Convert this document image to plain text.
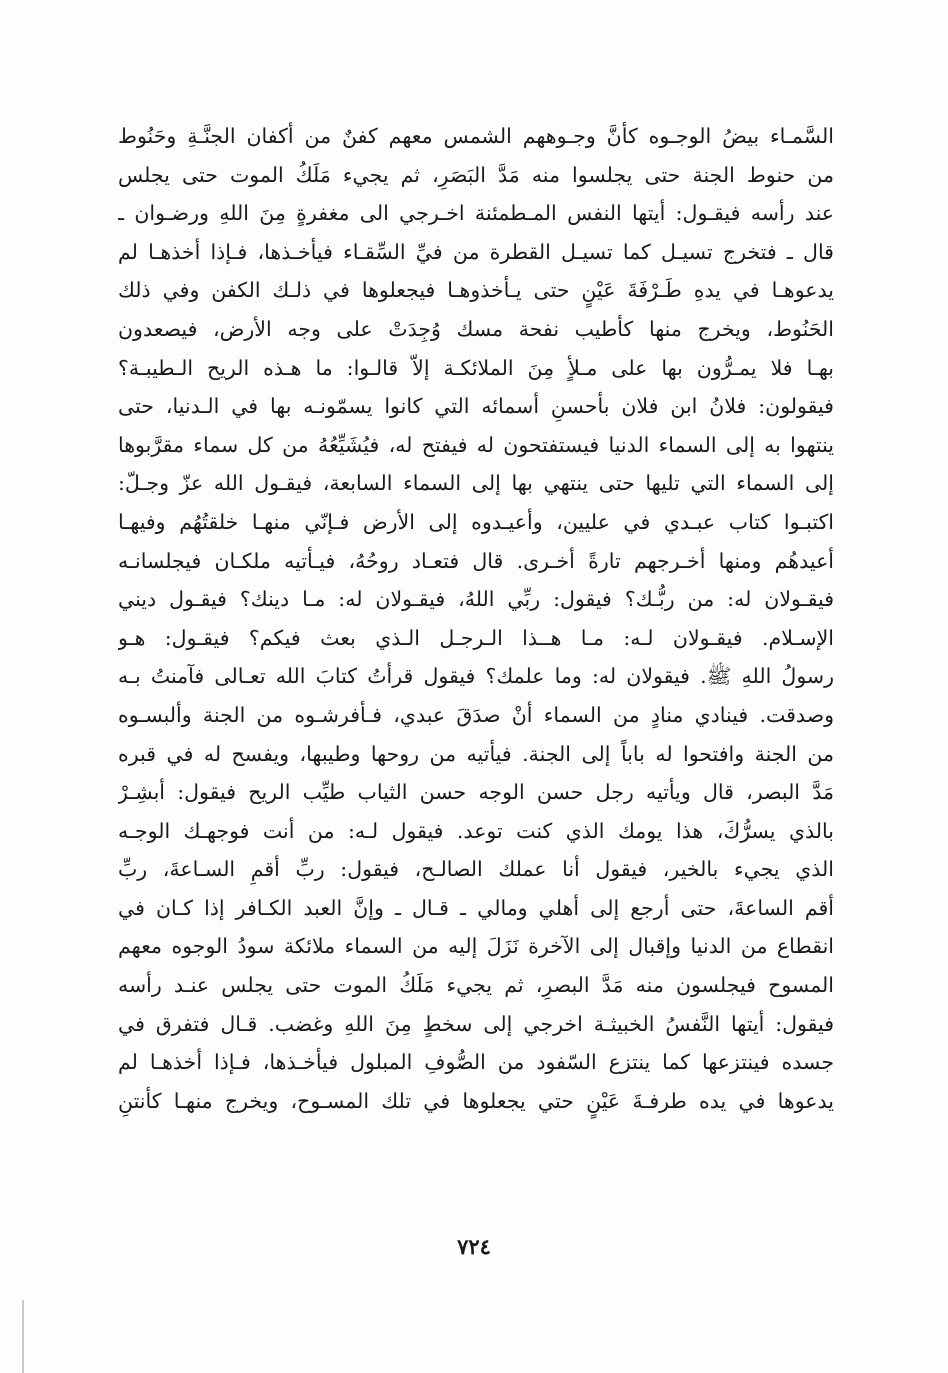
السَّمـاء بيضُ الوجـوه كأنَّ وجـوههم الشمس معهم كفنٌ من أكفان الجنَّـةِ وحَنُوط
من حنوط الجنة حتى يجلسوا منه مَدَّ البَصَرِ، ثم يجيء مَلَكُ الموت حتى يجلس
عند رأسه فيقـول: أيتها النفس المـطمئنة اخـرجي الى مغفرةٍ مِنَ اللهِ ورضـوان ـ
قال ـ فتخرج تسيـل كما تسيـل القطرة من فيِّ السِّقـاء فيأخـذها، فـإذا أخذهـا لم
يدعوهـا في يدهِ طَـرْفَةَ عَيْنٍ حتى يـأخذوهـا فيجعلوها في ذلـك الكفن وفي ذلك
الحَنُوط، ويخرج منها كأطيب نفحة مسك وُجِدَتْ على وجه الأرض، فيصعدون
بهـا فلا يمـرُّون بها على مـلأٍ مِنَ الملائكـة إلاّ قالـوا: ما هـذه الريح الـطيبـة؟
فيقولون: فلانُ ابن فلان بأحسنِ أسمائه التي كانوا يسمّونـه بها في الـدنيا، حتى
ينتهوا به إلى السماء الدنيا فيستفتحون له فيفتح له، فيُشَيِّعُهُ من كل سماء مقرَّبوها
إلى السماء التي تليها حتى ينتهي بها إلى السماء السابعة، فيقـول الله عزّ وجـلّ:
اكتبـوا كتاب عبـدي في عليين، وأعيـدوه إلى الأرض فـإنّي منهـا خلقتُهُم وفيهـا
أعيدهُم ومنها أخـرجهم تارةً أخـرى. قال فتعـاد روحُهُ، فيـأتيه ملكـان فيجلسانـه
فيقـولان له: من ربُّـك؟ فيقول: ربِّي اللهُ، فيقـولان له: مـا دينك؟ فيقـول ديني
الإسـلام. فيقـولان لـه: مـا هــذا الـرجـل الـذي بعث فيكم؟ فيقـول: هـو
رسولُ اللهِ ﷺ. فيقولان له: وما علمك؟ فيقول قرأتُ كتابَ الله تعـالى فآمنتُ بـه
وصدقت. فينادي منادٍ من السماء أنْ صدَقَ عبدي، فـأفرشـوه من الجنة وألبسـوه
من الجنة وافتحوا له باباً إلى الجنة. فيأتيه من روحها وطيبها، ويفسح له في قبره
مَدَّ البصر، قال ويأتيه رجل حسن الوجه حسن الثياب طيِّب الريح فيقول: أبشِـرْ
بالذي يسرُّكَ، هذا يومك الذي كنت توعد. فيقول لـه: من أنت فوجهـك الوجـه
الذي يجيء بالخير، فيقول أنا عملك الصالـح، فيقول: ربِّ أقمِ السـاعةَ، ربِّ
أقم الساعةَ، حتى أرجع إلى أهلي ومالي ـ قـال ـ وإنَّ العبد الكـافر إذا كـان في
انقطاع من الدنيا وإقبال إلى الآخرة نَزَلَ إليه من السماء ملائكة سودُ الوجوه معهم
المسوح فيجلسون منه مَدَّ البصرِ، ثم يجيء مَلَكُ الموت حتى يجلس عنـد رأسه
فيقول: أيتها النَّفسُ الخبيثـة اخرجي إلى سخطٍ مِنَ اللهِ وغضب. قـال فتفرق في
جسده فينتزعها كما ينتزع السّفود من الصُّوفِ المبلول فيأخـذها، فـإذا أخذهـا لم
يدعوها في يده طرفـةَ عَيْنٍ حتي يجعلوها في تلك المسـوح، ويخرج منهـا كأنتنِ
٧٢٤
